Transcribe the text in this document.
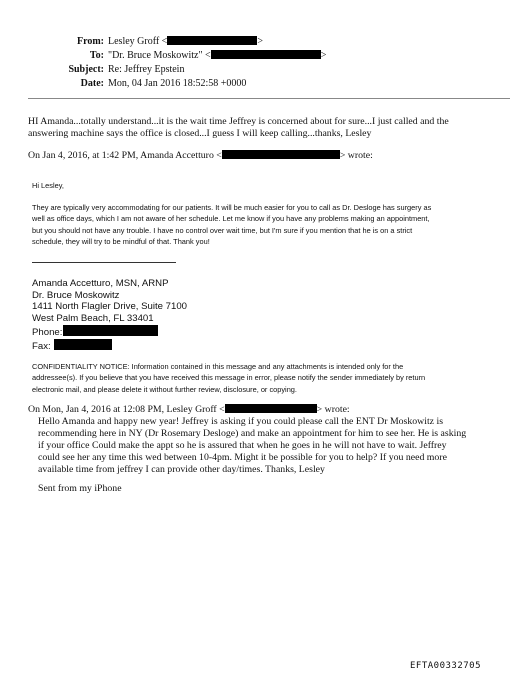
From: Lesley Groff <	>
To: "Dr. Bruce Moskowitz" <	>
Subject: Re: Jeffrey Epstein
Date: Mon, 04 Jan 2016 18:52:58 +0000
HI Amanda...totally understand...it is the wait time Jeffrey is concerned about for sure...I just called and the
answering machine says the office is closed...I guess I will keep calling...thanks, Lesley
On Jan 4, 2016, at 1:42 PM, Amanda Accetturo <	> wrote:
Hi Lesley,
They are typically very accommodating for our patients. It will be much easier for you to call as Dr. Desloge has surgery as
well as office days, which I am not aware of her schedule. Let me know if you have any problems making an appointment,
but you should not have any trouble. I have no control over wait time, but I'm sure if you mention that he is on a strict
schedule, they will try to be mindful of that. Thank you!
Amanda Accetturo, MSN, ARNP
Dr. Bruce Moskowitz
1411 North Flagler Drive, Suite 7100
West Palm Beach, FL 33401
Phone:
Fax:
CONFIDENTIALITY NOTICE: Information contained in this message and any attachments is intended only for the
addressee(s). If you believe that you have received this message in error, please notify the sender immediately by return
electronic mail, and please delete it without further review, disclosure, or copying.
On Mon, Jan 4, 2016 at 12:08 PM, Lesley Groff <	> wrote:
Hello Amanda and happy new year! Jeffrey is asking if you could please call the ENT Dr Moskowitz is
recommending here in NY (Dr Rosemary Desloge) and make an appointment for him to see her. He is asking
if your office Could make the appt so he is assured that when he goes in he will not have to wait. Jeffrey
could see her any time this wed between 10-4pm. Might it be possible for you to help? If you need more
available time from jeffrey I can provide other day/times. Thanks, Lesley
Sent from my iPhone
EFTA00332705
